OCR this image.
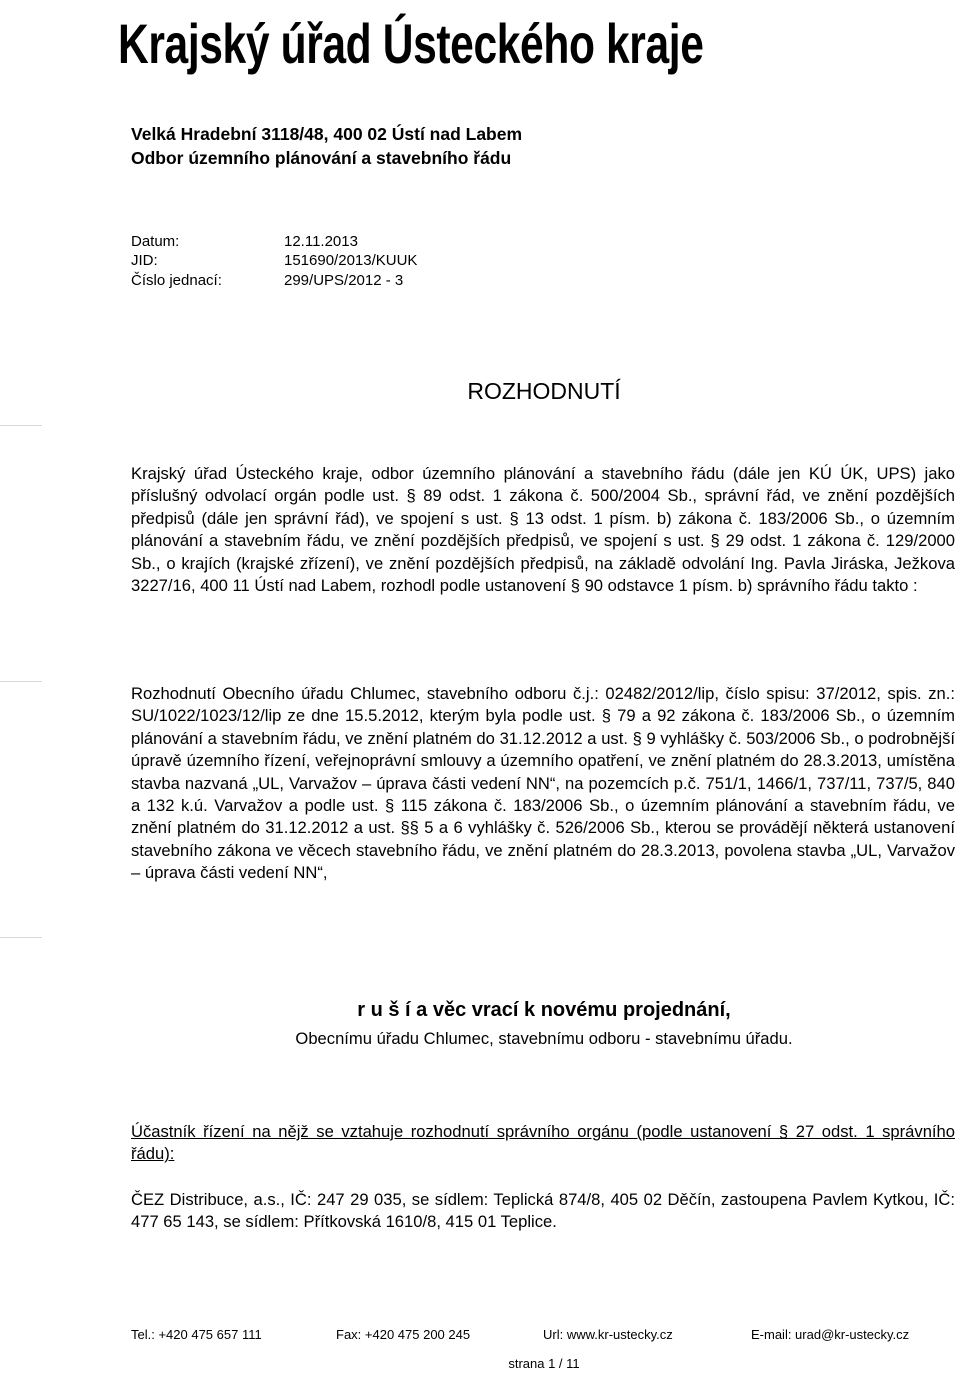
Krajský úřad Ústeckého kraje
Velká Hradební 3118/48, 400 02 Ústí nad Labem
Odbor územního plánování a stavebního řádu
Datum:	12.11.2013
JID:	151690/2013/KUUK
Číslo jednací:	299/UPS/2012 - 3
ROZHODNUTÍ
Krajský úřad Ústeckého kraje, odbor územního plánování a stavebního řádu (dále jen KÚ ÚK, UPS) jako příslušný odvolací orgán podle ust. § 89 odst. 1 zákona č. 500/2004 Sb., správní řád, ve znění pozdějších předpisů (dále jen správní řád), ve spojení s ust. § 13 odst. 1 písm. b) zákona č. 183/2006 Sb., o územním plánování a stavebním řádu, ve znění pozdějších předpisů, ve spojení s ust. § 29 odst. 1 zákona č. 129/2000 Sb., o krajích (krajské zřízení), ve znění pozdějších předpisů, na základě odvolání Ing. Pavla Jiráska, Ježkova 3227/16, 400 11 Ústí nad Labem, rozhodl podle ustanovení § 90 odstavce 1 písm. b) správního řádu takto :
Rozhodnutí Obecního úřadu Chlumec, stavebního odboru č.j.: 02482/2012/lip, číslo spisu: 37/2012, spis. zn.: SU/1022/1023/12/lip ze dne 15.5.2012, kterým byla podle ust. § 79 a 92 zákona č. 183/2006 Sb., o územním plánování a stavebním řádu, ve znění platném do 31.12.2012 a ust. § 9 vyhlášky č. 503/2006 Sb., o podrobnější úpravě územního řízení, veřejnoprávní smlouvy a územního opatření, ve znění platném do 28.3.2013, umístěna stavba nazvaná „UL, Varvažov – úprava části vedení NN“, na pozemcích p.č. 751/1, 1466/1, 737/11, 737/5, 840 a 132 k.ú. Varvažov a podle ust. § 115 zákona č. 183/2006 Sb., o územním plánování a stavebním řádu, ve znění platném do 31.12.2012 a ust. §§ 5 a 6 vyhlášky č. 526/2006 Sb., kterou se provádějí některá ustanovení stavebního zákona ve věcech stavebního řádu, ve znění platném do 28.3.2013, povolena stavba „UL, Varvažov – úprava části vedení NN“,
r u š í a věc vrací k novému projednání,
Obecnímu úřadu Chlumec, stavebnímu odboru - stavebnímu úřadu.
Účastník řízení na nějž se vztahuje rozhodnutí správního orgánu (podle ustanovení § 27 odst. 1 správního řádu):
ČEZ Distribuce, a.s., IČ: 247 29 035, se sídlem: Teplická 874/8, 405 02 Děčín, zastoupena Pavlem Kytkou, IČ: 477 65 143, se sídlem: Přítkovská 1610/8, 415 01 Teplice.
Tel.: +420 475 657 111	Fax: +420 475 200 245	Url: www.kr-ustecky.cz	E-mail: urad@kr-ustecky.cz
strana 1 / 11
